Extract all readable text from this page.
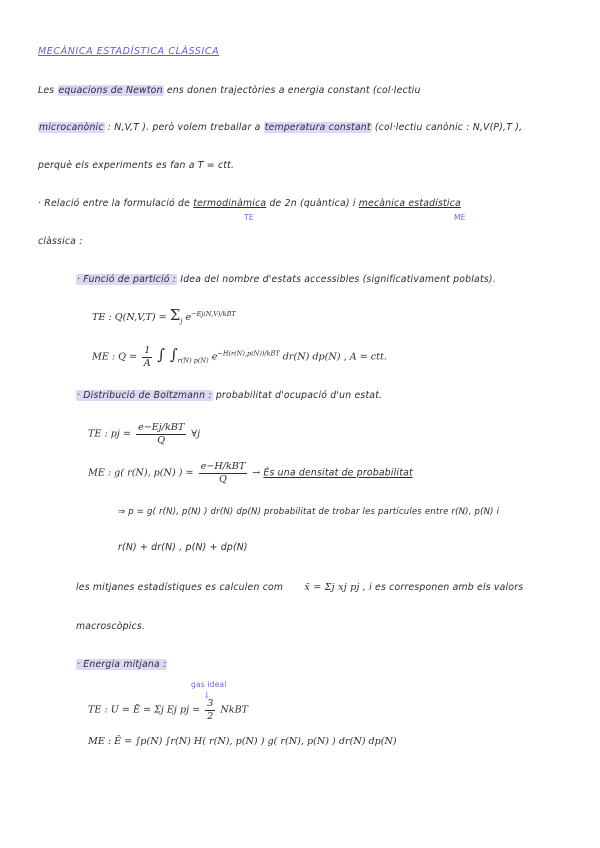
MECÀNICA ESTADÍSTICA CLÀSSICA
Les equacions de Newton ens donen trajectòries a energia constant (col·lectiu
microcanònic : N,V,T ). però volem treballar a temperatura constant (col·lectiu canònic : N,V(P),T ),
perquè els experiments es fan a T = ctt.
· Relació entre la formulació de termodinàmica de 2n (quàntica) i mecànica estadística
TE	ME
clàssica :
· Funció de partició : Idea del nombre d'estats accessibles (significativament poblats).
TE : $Q(N,V,T) = \Sigma_j$ $e^{-Ej(N,V)/kBT}$
ME : $Q = \frac{1}{A}$ ∫ $\int_{r(N) p(N)}$ $e^{-H(r(N),p(N))/kBT}$ dr(N) dp(N) , A = ctt.
· Distribució de Boltzmann : probabilitat d'ocupació d'un estat.
TE : pj = $\frac{\text{e−Ej/kBT}}{Q}$ ∀j
ME : g( r(N), p(N) ) = $\frac{\text{e−H/kBT}}{Q}$ → És una densitat de probabilitat
⇒ p = g( r(N), p(N) ) dr(N) dp(N) probabilitat de trobar les partícules entre r(N), p(N) i
r(N) + dr(N) , p(N) + dp(N)
les mitjanes estadístiques es calculen com x̄ = Σj xj pj , i es corresponen amb els valors
macroscòpics.
· Energia mitjana :
gas ideal
↓
TE : U = Ē = Σj Ej pj = $\frac{3}{2}$ NkBT
ME : Ē = ∫p(N) ∫r(N) H( r(N), p(N) ) g( r(N), p(N) ) dr(N) dp(N)
